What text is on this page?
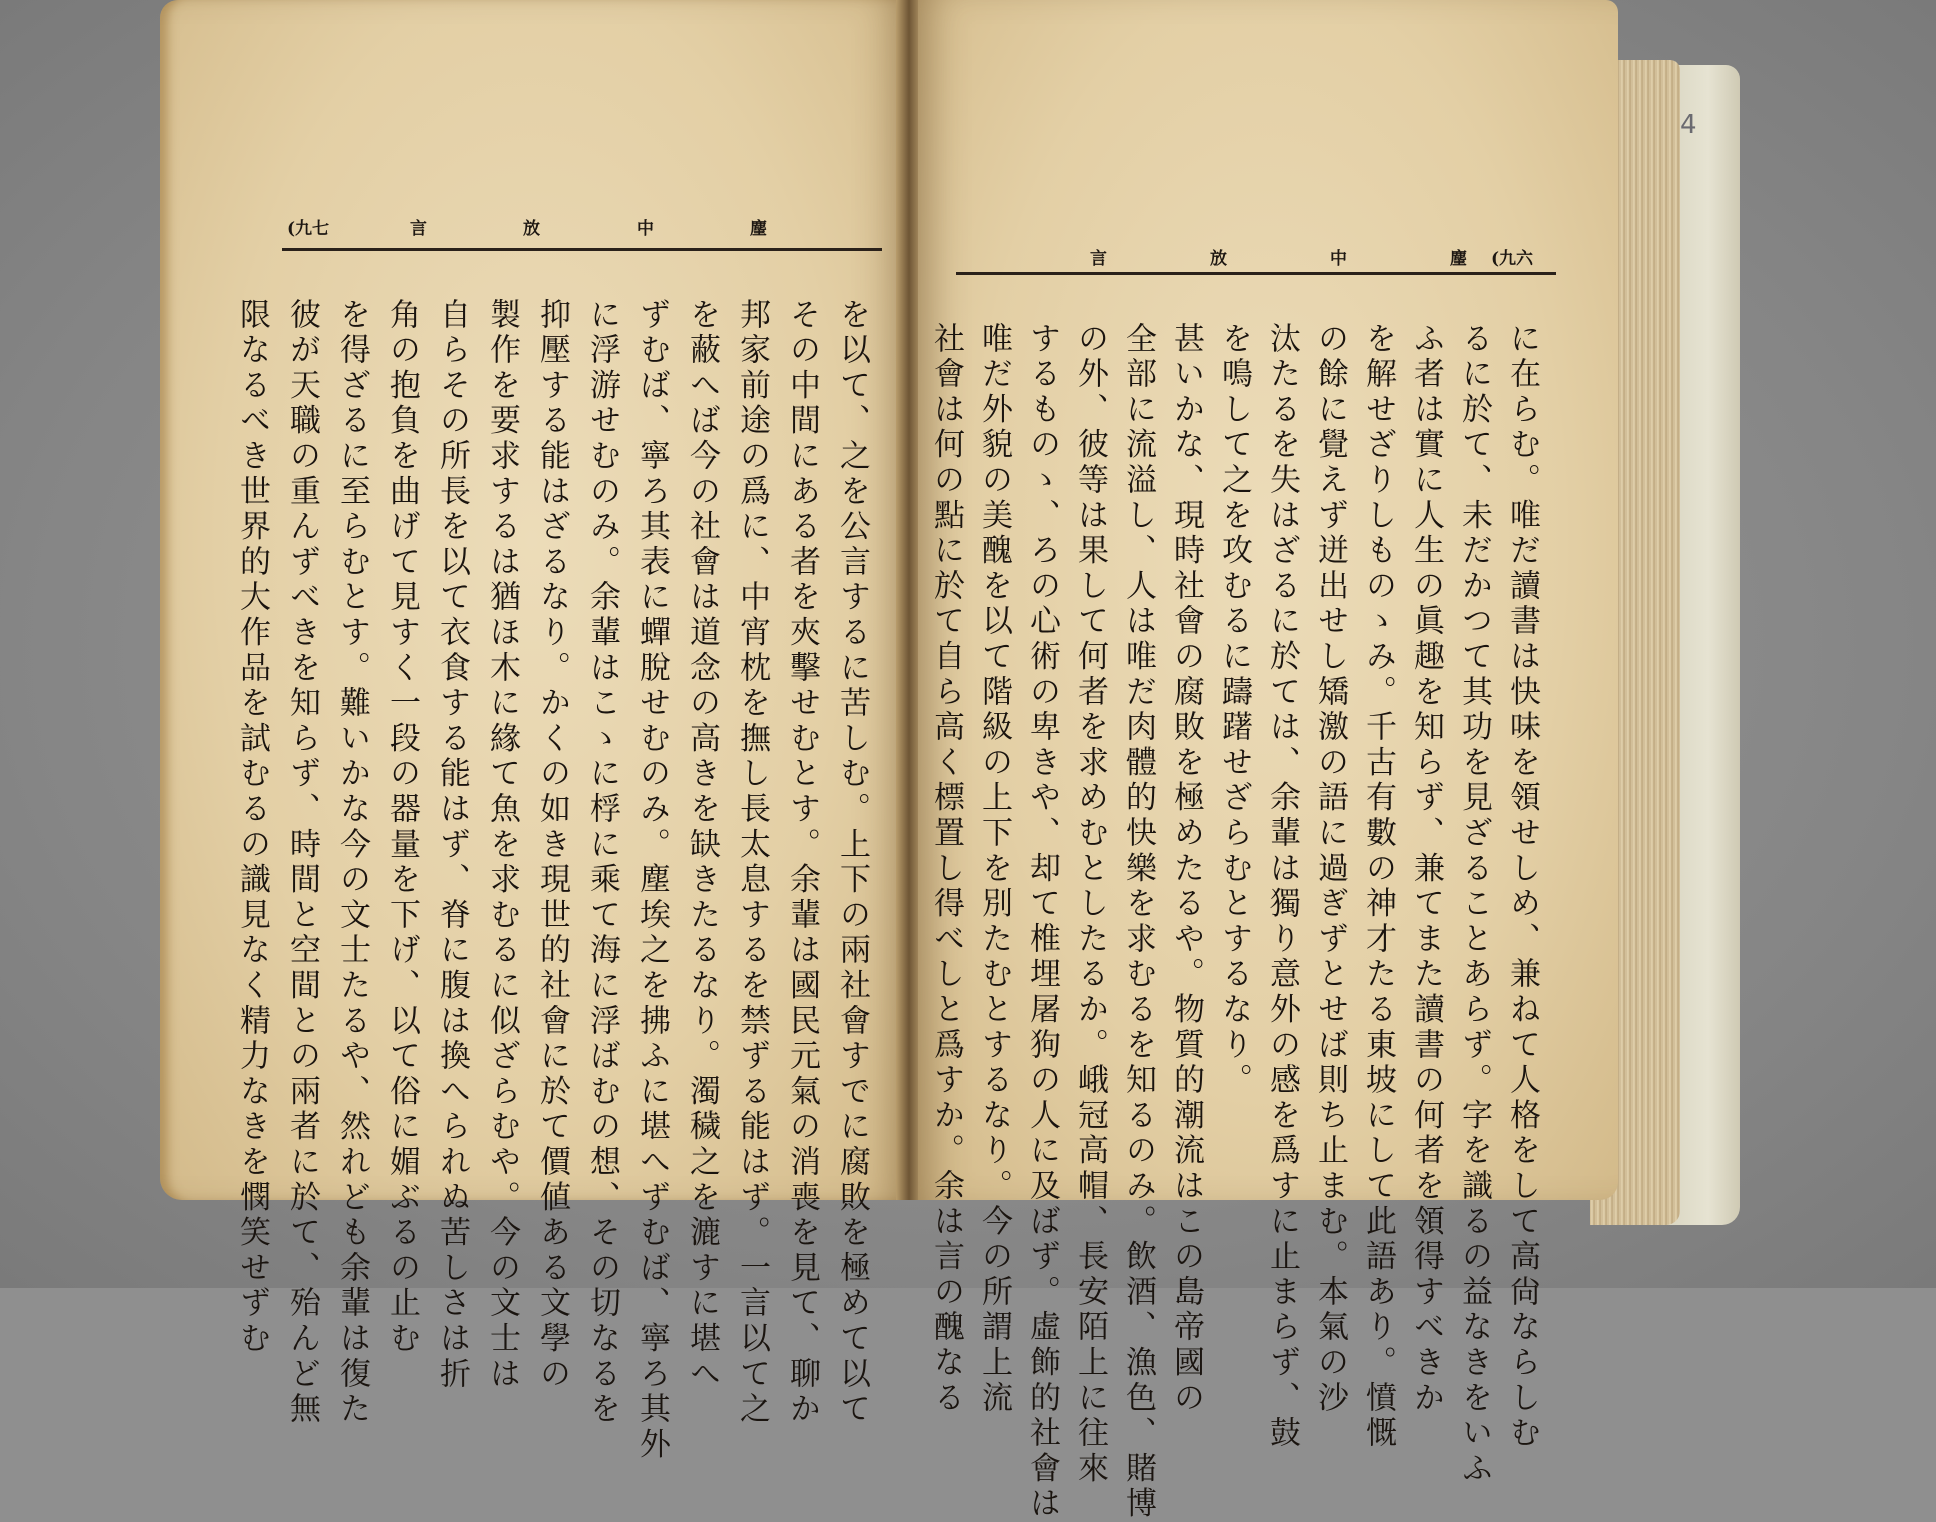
(九七	言	放	中	麈
を以て、之を公言するに苦しむ。上下の兩社會すでに腐敗を極めて以て
その中間にある者を夾擊せむとす。余輩は國民元氣の消喪を見て、聊か
邦家前途の爲に、中宵枕を撫し長太息するを禁ずる能はず。一言以て之
を蔽へば今の社會は道念の高きを缺きたるなり。濁穢之を漉すに堪へ
ずむば、寧ろ其表に蟬脫せむのみ。塵埃之を拂ふに堪へずむば、寧ろ其外
に浮游せむのみ。余輩はこゝに桴に乘て海に浮ばむの想、その切なるを
抑壓する能はざるなり。かくの如き現世的社會に於て價値ある文學の
製作を要求するは猶ほ木に緣て魚を求むるに似ざらむや。今の文士は
自らその所長を以て衣食する能はず、脊に腹は換へられぬ苦しさは折
角の抱負を曲げて見すく一段の器量を下げ、以て俗に媚ぶるの止む
を得ざるに至らむとす。難いかな今の文士たるや、然れども余輩は復た
彼が天職の重んずべきを知らず、時間と空間との兩者に於て、殆んど無
限なるべき世界的大作品を試むるの識見なく精力なきを憫笑せずむ
言	放	中	麈 (九六
に在らむ。唯だ讀書は快味を領せしめ、兼ねて人格をして高尙ならしむ
るに於て、未だかつて其功を見ざることあらず。字を識るの益なきをいふ
ふ者は實に人生の眞趣を知らず、兼てまた讀書の何者を領得すべきか
を解せざりしものゝみ。千古有數の神才たる東坡にして此語あり。憤慨
の餘に覺えず迸出せし矯激の語に過ぎずとせば則ち止まむ。本氣の沙
汰たるを失はざるに於ては、余輩は獨り意外の感を爲すに止まらず、鼓
を鳴して之を攻むるに躊躇せざらむとするなり。
甚いかな、現時社會の腐敗を極めたるや。物質的潮流はこの島帝國の
全部に流溢し、人は唯だ肉體的快樂を求むるを知るのみ。飲酒、漁色、賭博
の外、彼等は果して何者を求めむとしたるか。峨冠高帽、長安陌上に往來
するものゝ、ろの心術の卑きや、却て椎埋屠狗の人に及ばず。虛飾的社會は
唯だ外貌の美醜を以て階級の上下を別たむとするなり。今の所謂上流
社會は何の點に於て自ら高く標置し得べしと爲すか。余は言の醜なる
4
